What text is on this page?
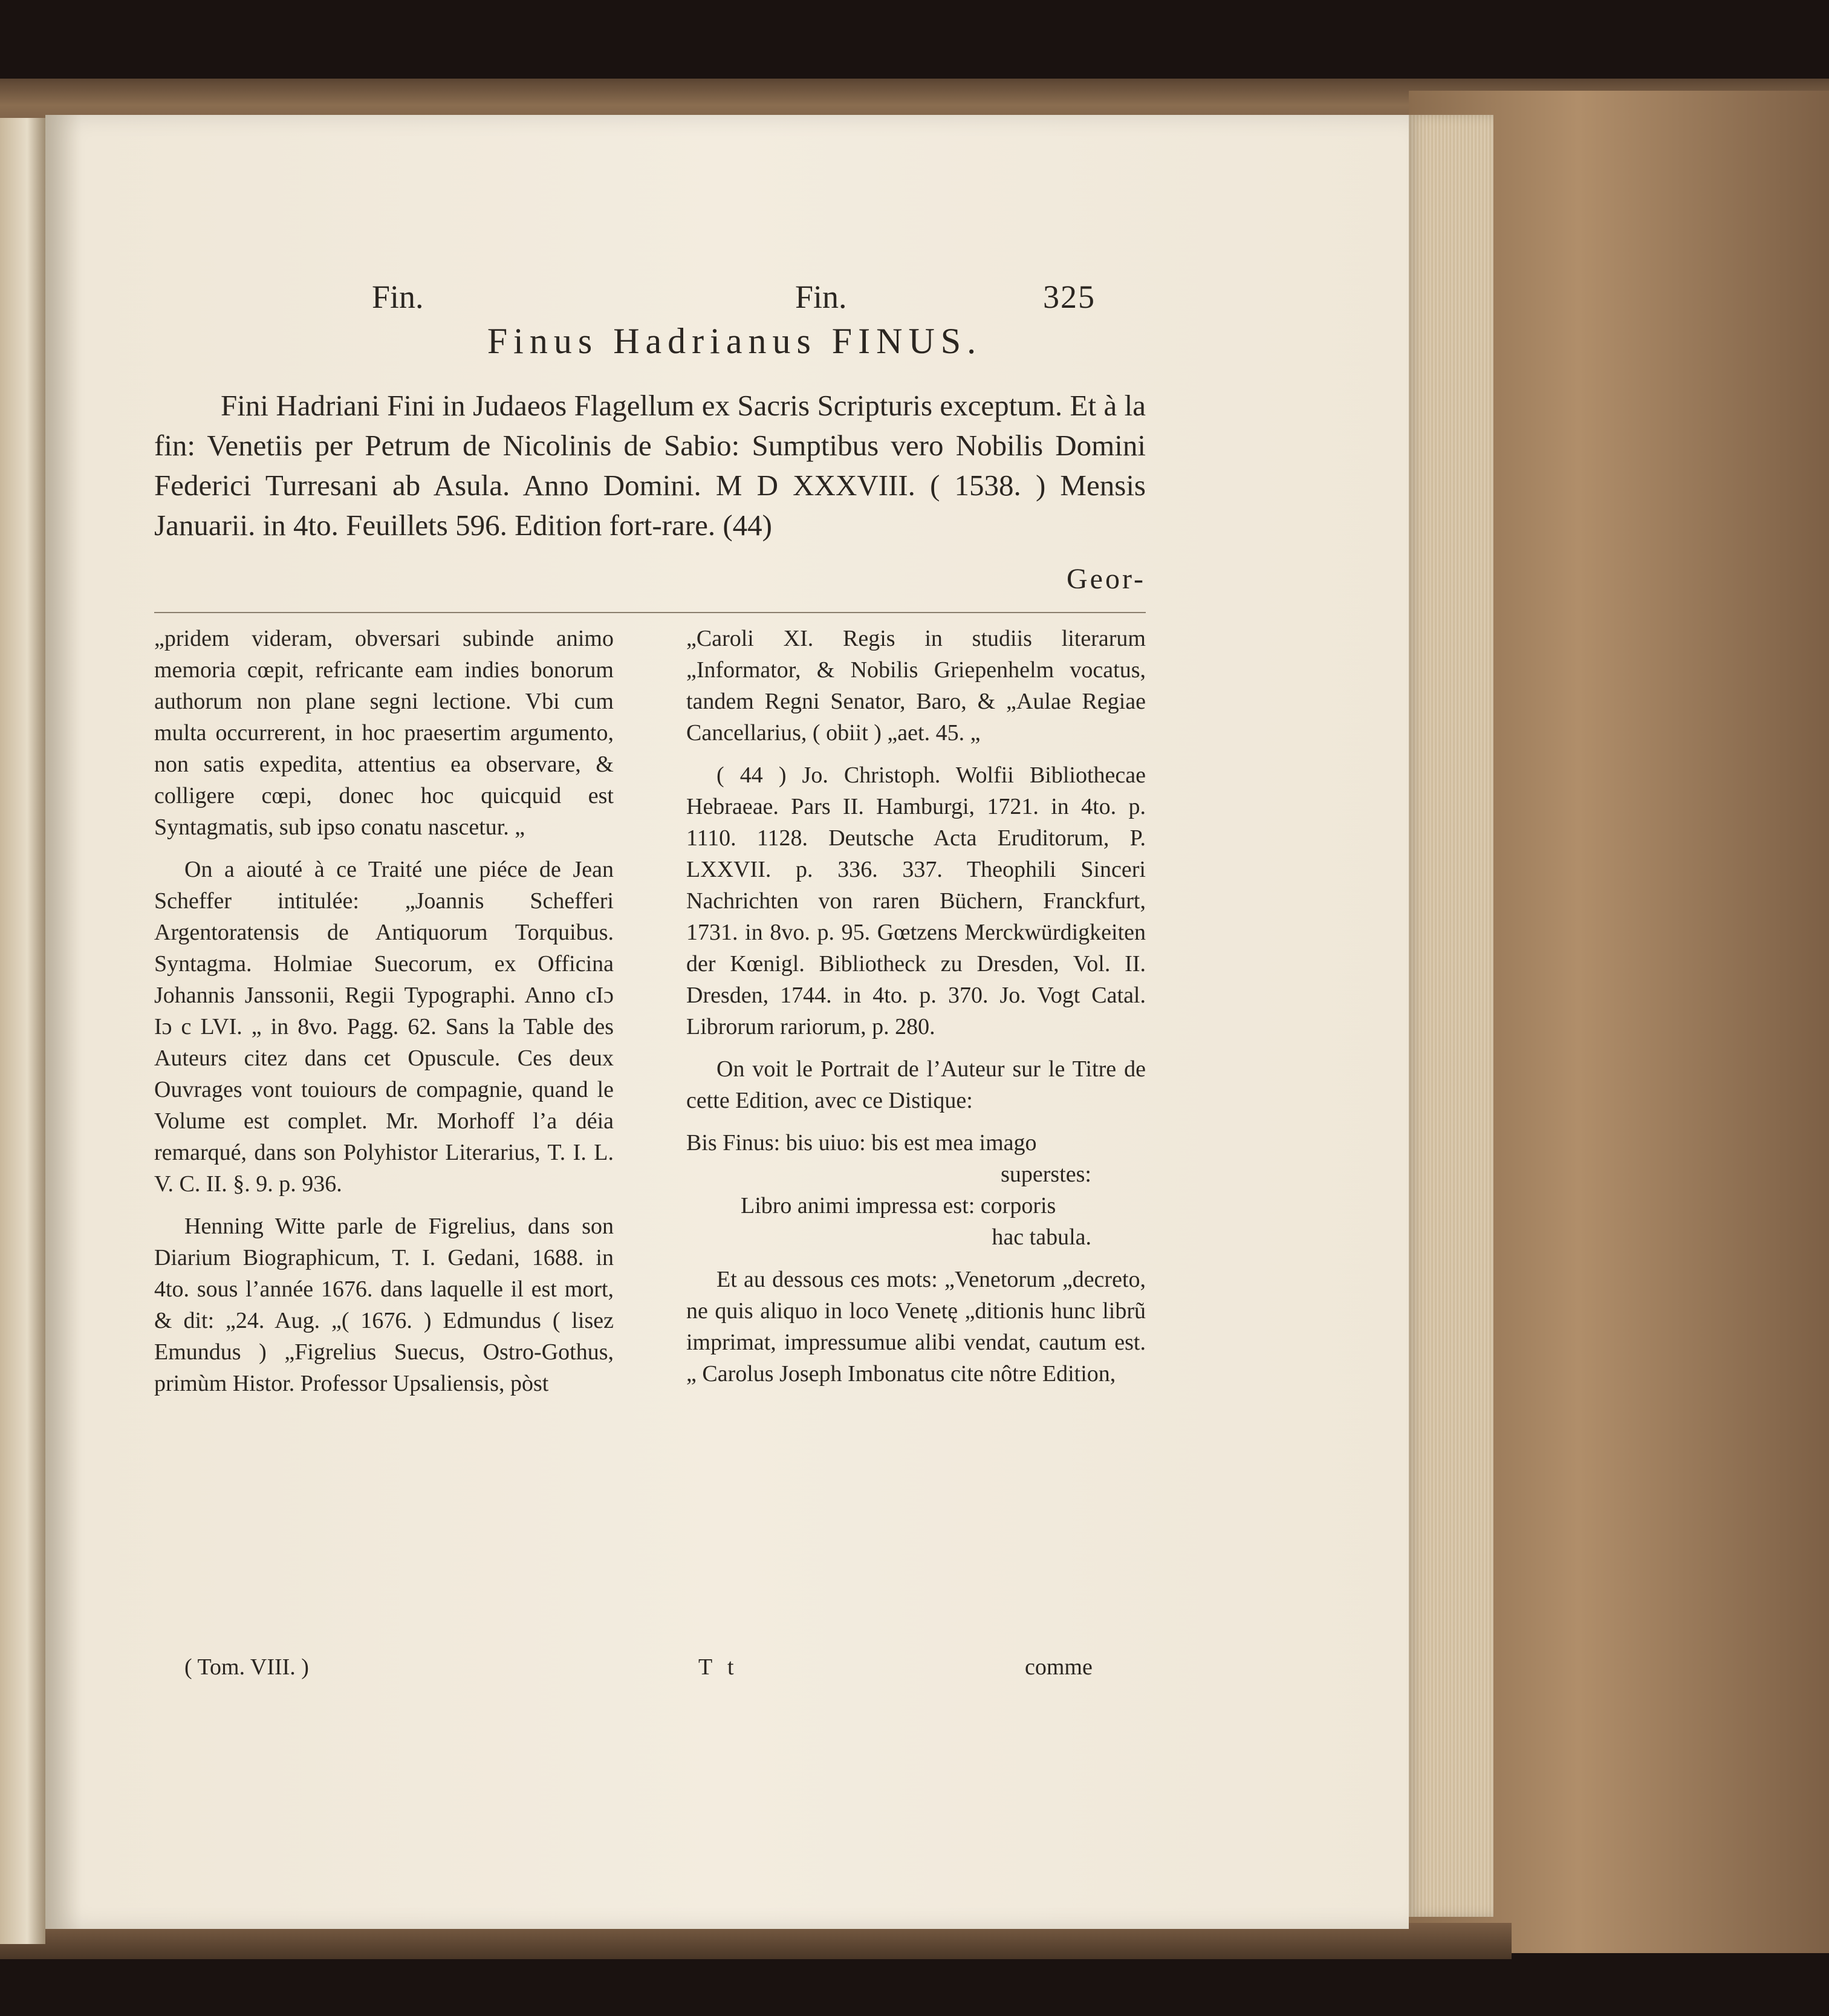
Fin.	Fin.	325
Finus Hadrianus FINUS.

Fini Hadriani Fini in Judaeos Flagellum ex Sacris Scripturis exceptum. Et à la fin: Venetiis per Petrum de Nicolinis de Sabio: Sumptibus vero Nobilis Domini Federici Turresani ab Asula. Anno Domini. M D XXXVIII. ( 1538. ) Mensis Januarii. in 4to. Feuillets 596. Edition fort-rare. (44)

Geor-

„pridem videram, obversari subinde animo memoria cœpit, refricante eam indies bonorum authorum non plane segni lectione. Vbi cum multa occurrerent, in hoc praesertim argumento, non satis expedita, attentius ea observare, & colligere cœpi, donec hoc quicquid est Syntagmatis, sub ipso conatu nascetur. „

On a aiouté à ce Traité une piéce de Jean Scheffer intitulée: „Joannis Schefferi Argentoratensis de Antiquorum Torquibus. Syntagma. Holmiae Suecorum, ex Officina Johannis Janssonii, Regii Typographi. Anno cIɔ Iɔ c LVI. „ in 8vo. Pagg. 62. Sans la Table des Auteurs citez dans cet Opuscule. Ces deux Ouvrages vont touiours de compagnie, quand le Volume est complet. Mr. Morhoff l’a déia remarqué, dans son Polyhistor Literarius, T. I. L. V. C. II. §. 9. p. 936.

Henning Witte parle de Figrelius, dans son Diarium Biographicum, T. I. Gedani, 1688. in 4to. sous l’année 1676. dans laquelle il est mort, & dit: „24. Aug. „( 1676. ) Edmundus ( lisez Emundus ) „Figrelius Suecus, Ostro-Gothus, primùm Histor. Professor Upsaliensis, pòst

„Caroli XI. Regis in studiis literarum „Informator, & Nobilis Griepenhelm vocatus, tandem Regni Senator, Baro, & „Aulae Regiae Cancellarius, ( obiit ) „aet. 45. „

( 44 ) Jo. Christoph. Wolfii Bibliothecae Hebraeae. Pars II. Hamburgi, 1721. in 4to. p. 1110. 1128. Deutsche Acta Eruditorum, P. LXXVII. p. 336. 337. Theophili Sinceri Nachrichten von raren Büchern, Franckfurt, 1731. in 8vo. p. 95. Gœtzens Merckwürdigkeiten der Kœnigl. Bibliotheck zu Dresden, Vol. II. Dresden, 1744. in 4to. p. 370. Jo. Vogt Catal. Librorum rariorum, p. 280.

On voit le Portrait de l’Auteur sur le Titre de cette Edition, avec ce Distique:

Bis Finus: bis uiuo: bis est mea imago
superstes:
Libro animi impressa est: corporis
hac tabula.

Et au dessous ces mots: „Venetorum „decreto, ne quis aliquo in loco Venetę „ditionis hunc librũ imprimat, impressumue alibi vendat, cautum est. „ Carolus Joseph Imbonatus cite nôtre Edition,

( Tom. VIII. )	T t	comme
